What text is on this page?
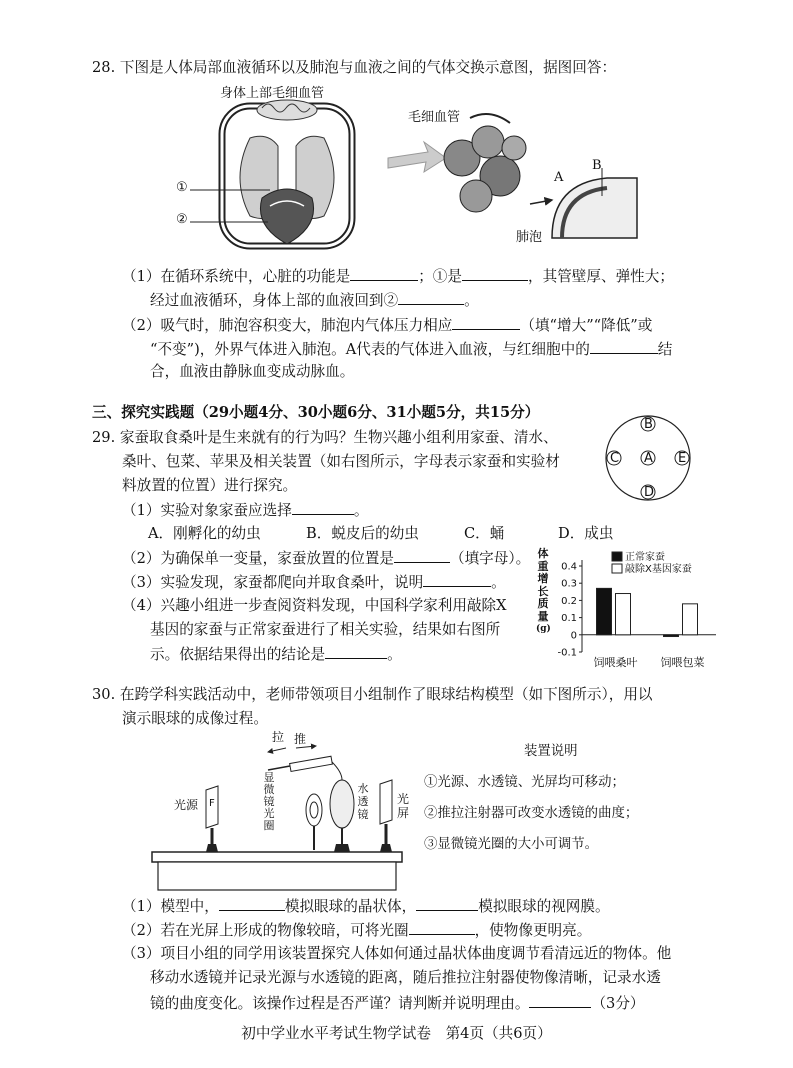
28. 下图是人体局部血液循环以及肺泡与血液之间的气体交换示意图，据图回答：
身体上部毛细血管
①
②
毛细血管
A
B
肺泡
（1）在循环系统中，心脏的功能是	；①是	，其管壁厚、弹性大；
经过血液循环，身体上部的血液回到②	。
（2）吸气时，肺泡容积变大，肺泡内气体压力相应	（填“增大”“降低”或
“不变”)，外界气体进入肺泡。A代表的气体进入血液，与红细胞中的	结
合，血液由静脉血变成动脉血。
三、探究实践题（29小题4分、30小题6分、31小题5分，共15分）
29. 家蚕取食桑叶是生来就有的行为吗？生物兴趣小组利用家蚕、清水、
桑叶、包菜、苹果及相关装置（如右图所示，字母表示家蚕和实验材
料放置的位置）进行探究。
B
C A E
D
（1）实验对象家蚕应选择	。
A．刚孵化的幼虫	B．蜕皮后的幼虫	C．蛹	D．成虫
（2）为确保单一变量，家蚕放置的位置是	（填字母）。
（3）实验发现，家蚕都爬向并取食桑叶，说明	。
（4）兴趣小组进一步查阅资料发现，中国科学家利用敲除X
基因的家蚕与正常家蚕进行了相关实验，结果如右图所
示。依据结果得出的结论是	。
体
重
增
长
质
量
(g)
0.4
0.3
0.2
0.1
0
-0.1
正常家蚕
敲除X基因家蚕
饲喂桑叶 饲喂包菜
30. 在跨学科实践活动中，老师带领项目小组制作了眼球结构模型（如下图所示），用以
演示眼球的成像过程。
拉 推
光源 F
显
微
镜
光
圈
水
透
镜
光
屏
装置说明
①光源、水透镜、光屏均可移动；
②推拉注射器可改变水透镜的曲度；
③显微镜光圈的大小可调节。
（1）模型中，	模拟眼球的晶状体，	模拟眼球的视网膜。
（2）若在光屏上形成的物像较暗，可将光圈	，使物像更明亮。
（3）项目小组的同学用该装置探究人体如何通过晶状体曲度调节看清远近的物体。他
移动水透镜并记录光源与水透镜的距离，随后推拉注射器使物像清晰，记录水透
镜的曲度变化。该操作过程是否严谨？请判断并说明理由。	（3分）
初中学业水平考试生物学试卷　第4页（共6页）
